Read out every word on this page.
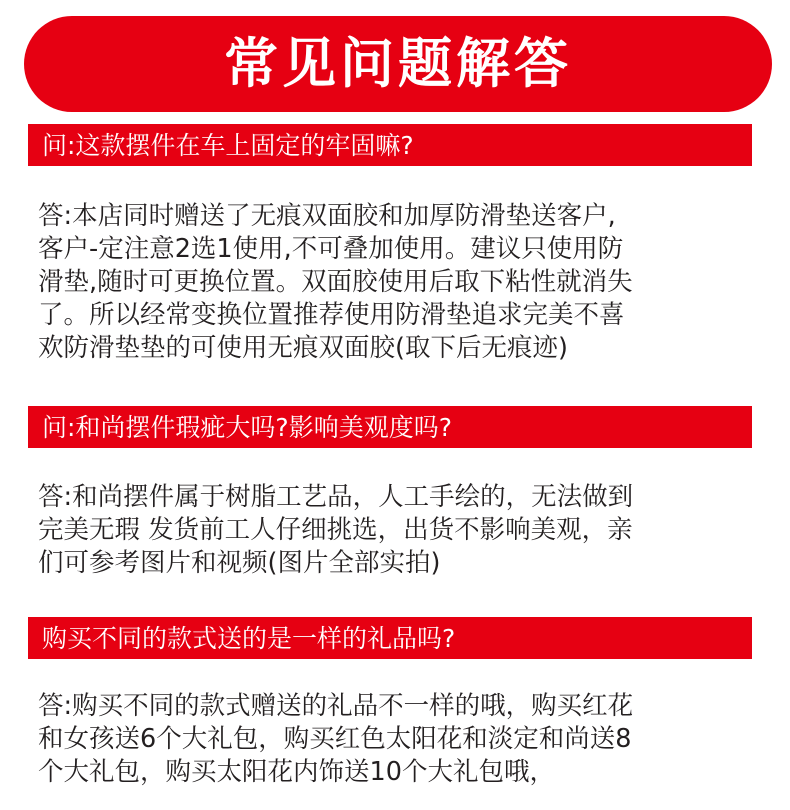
常见问题解答
问:这款摆件在车上固定的牢固嘛?
答:本店同时赠送了无痕双面胶和加厚防滑垫送客户,
客户-定注意2选1使用,不可叠加使用。建议只使用防
滑垫,随时可更换位置。双面胶使用后取下粘性就消失
了。所以经常变换位置推荐使用防滑垫追求完美不喜
欢防滑垫垫的可使用无痕双面胶(取下后无痕迹)
问:和尚摆件瑕疵大吗?影响美观度吗?
答:和尚摆件属于树脂工艺品，人工手绘的，无法做到
完美无瑕 发货前工人仔细挑选，出货不影响美观，亲
们可参考图片和视频(图片全部实拍)
购买不同的款式送的是一样的礼品吗?
答:购买不同的款式赠送的礼品不一样的哦，购买红花
和女孩送6个大礼包，购买红色太阳花和淡定和尚送8
个大礼包，购买太阳花内饰送10个大礼包哦，
